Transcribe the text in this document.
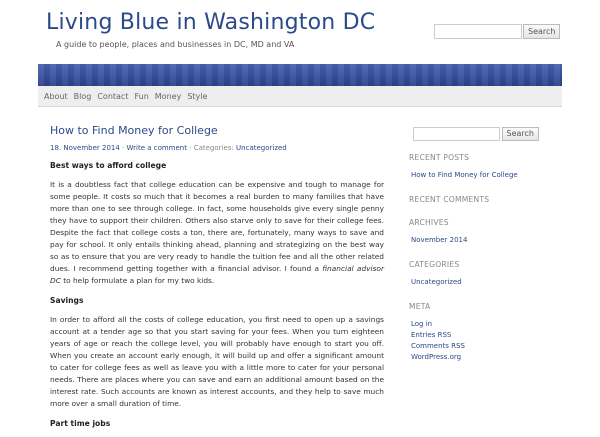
Living Blue in Washington DC
A guide to people, places and businesses in DC, MD and VA
Search
About Blog Contact Fun Money Style
How to Find Money for College
18. November 2014 · Write a comment · Categories: Uncategorized
Best ways to afford college

It is a doubtless fact that college education can be expensive and tough to manage for some people. It costs so much that it becomes a real burden to many families that have more than one to see through college. In fact, some households give every single penny they have to support their children. Others also starve only to save for their college fees. Despite the fact that college costs a ton, there are, fortunately, many ways to save and pay for school. It only entails thinking ahead, planning and strategizing on the best way so as to ensure that you are very ready to handle the tuition fee and all the other related dues. I recommend getting together with a financial advisor. I found a financial advisor DC to help formulate a plan for my two kids.

Savings

In order to afford all the costs of college education, you first need to open up a savings account at a tender age so that you start saving for your fees. When you turn eighteen years of age or reach the college level, you will probably have enough to start you off. When you create an account early enough, it will build up and offer a significant amount to cater for college fees as well as leave you with a little more to cater for your personal needs. There are places where you can save and earn an additional amount based on the interest rate. Such accounts are known as interest accounts, and they help to save much more over a small duration of time.

Part time jobs
Search
RECENT POSTS
How to Find Money for College
RECENT COMMENTS
ARCHIVES
November 2014
CATEGORIES
Uncategorized
META
Log in
Entries RSS
Comments RSS
WordPress.org
